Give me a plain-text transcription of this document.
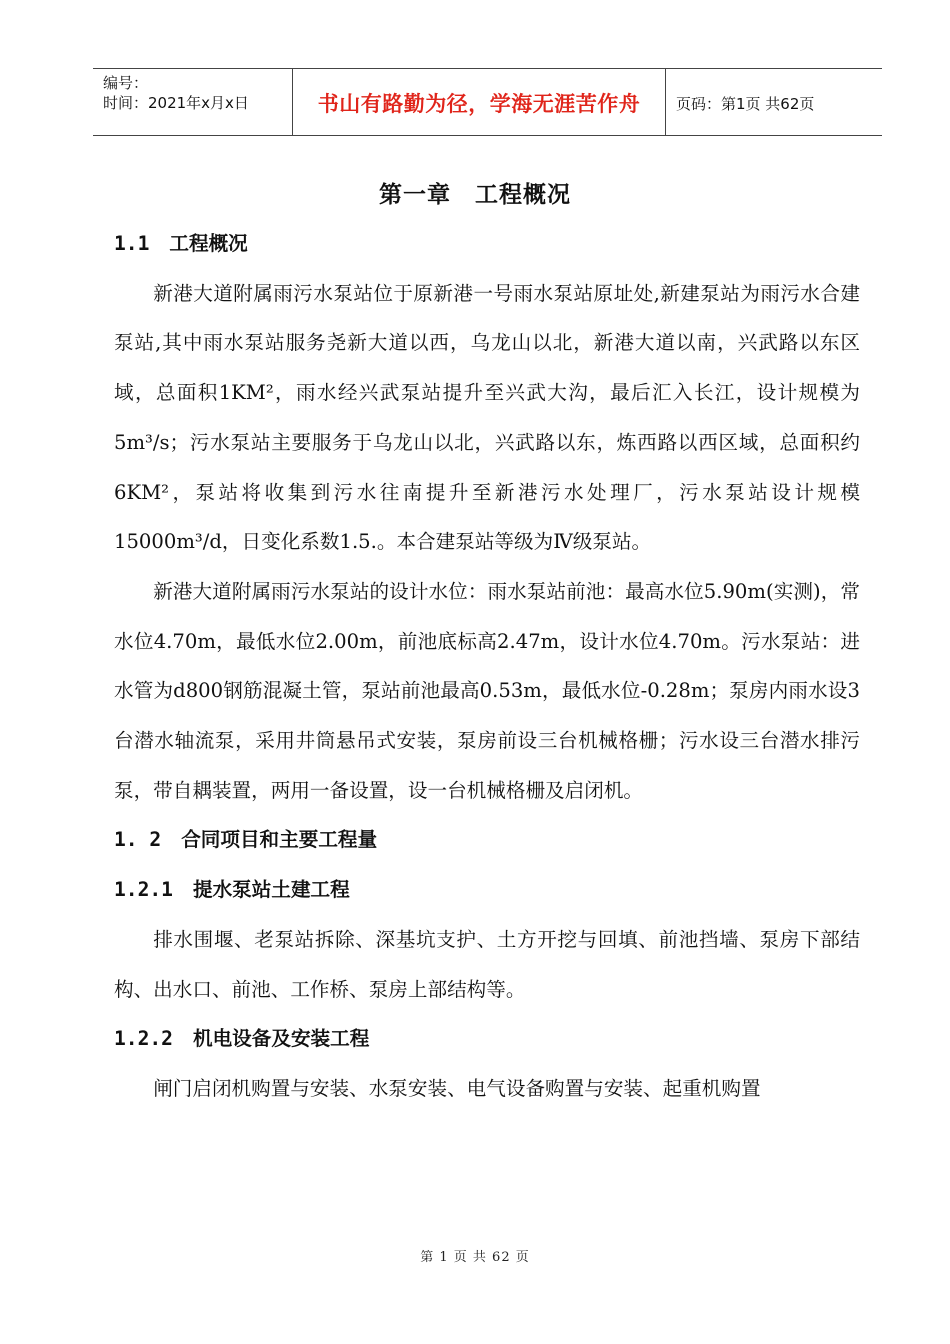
编号：
时间：2021年x月x日	书山有路勤为径，学海无涯苦作舟	页码：第1页 共62页
第一章　工程概况
1.1 工程概况

新港大道附属雨污水泵站位于原新港一号雨水泵站原址处,新建泵站为雨污水合建泵站,其中雨水泵站服务尧新大道以西，乌龙山以北，新港大道以南，兴武路以东区域，总面积1KM²，雨水经兴武泵站提升至兴武大沟，最后汇入长江，设计规模为5m³/s；污水泵站主要服务于乌龙山以北，兴武路以东，炼西路以西区域，总面积约6KM²，泵站将收集到污水往南提升至新港污水处理厂，污水泵站设计规模15000m³/d，日变化系数1.5.。本合建泵站等级为Ⅳ级泵站。

新港大道附属雨污水泵站的设计水位：雨水泵站前池：最高水位5.90m(实测)，常水位4.70m，最低水位2.00m，前池底标高2.47m，设计水位4.70m。污水泵站：进水管为d800钢筋混凝土管，泵站前池最高0.53m，最低水位-0.28m；泵房内雨水设3台潜水轴流泵，采用井筒悬吊式安装，泵房前设三台机械格栅；污水设三台潜水排污泵，带自耦装置，两用一备设置，设一台机械格栅及启闭机。

1. 2 合同项目和主要工程量
1.2.1 提水泵站土建工程

排水围堰、老泵站拆除、深基坑支护、土方开挖与回填、前池挡墙、泵房下部结构、出水口、前池、工作桥、泵房上部结构等。

1.2.2 机电设备及安装工程

闸门启闭机购置与安装、水泵安装、电气设备购置与安装、起重机购置

第 1 页 共 62 页
